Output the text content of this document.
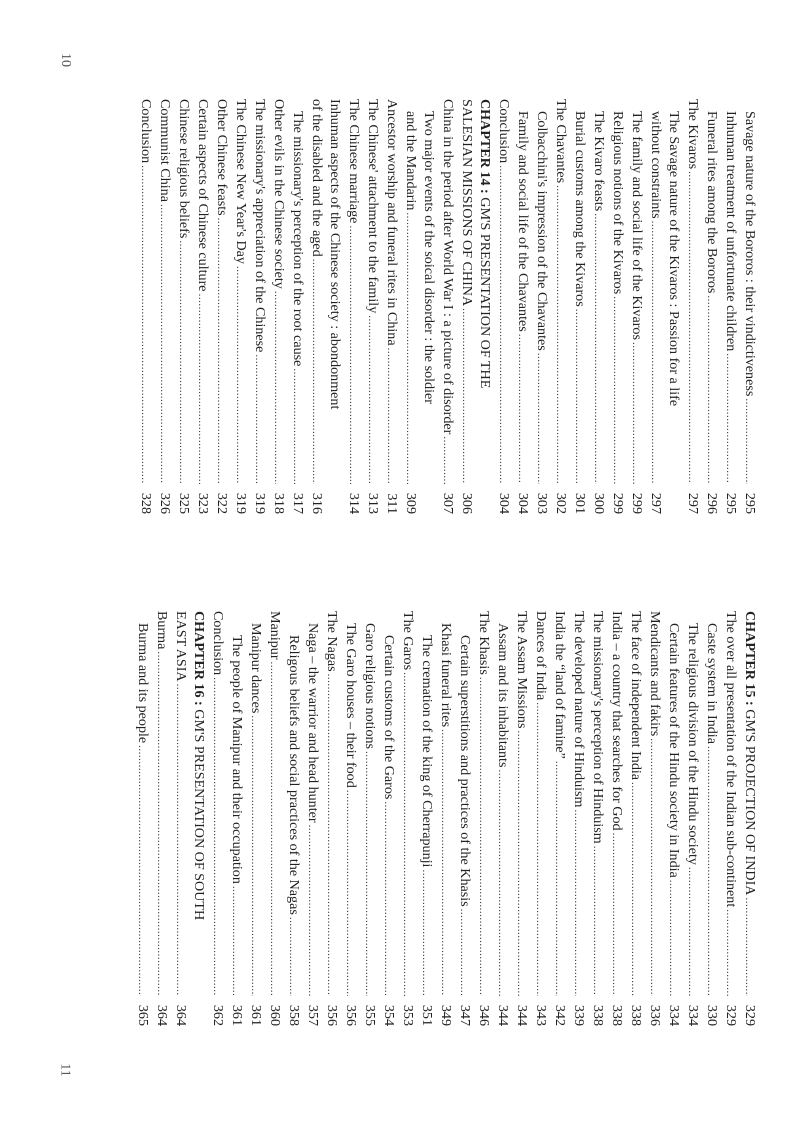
10
11
Savage nature of the Bororos : their vindictiveness
.....
295
Inhuman treatment of unfortunate children
.....
295
Funeral rites among the Bororos
.....
296
The Kivaros
.....
297
The Savage nature of the Kivaros : Passion for a life
without constraints
.....
297
The family and social life of the Kivaros
.....
299
Religious notions of the Kivaros
.....
299
The Kivaro feasts
.....
300
Burial customs among the Kivaros
.....
301
The Chavantes
.....
302
Colbacchini's impression of the Chavantes
.....
303
Family and social life of the Chavantes
.....
304
Conclusion
.....
304
CHAPTER 14 : GM'S PRESENTATION OF THE
SALESIAN MISSIONS OF CHINA
.....
306
China in the period after World War I : a picture of disorder
.....
307
Two major events of the soical disorder : the soldier
and the Mandarin
.....
309
Ancestor worship and funeral rites in China
.....
311
The Chinese' attachment to the family
.....
313
The Chinese marriage
.....
314
Inhuman aspects of the Chinese society : abondonment
of the disabled and the aged
.....
316
The missionary's perception of the root cause
.....
317
Other evils in the Chinese society
.....
318
The missionary's appreciation of the Chinese
.....
319
The Chinese New Year's Day
.....
319
Other Chinese feasts
.....
322
Certain aspects of Chinese culture
.....
323
Chinese religious beliefs
.....
325
Communist China
.....
326
Conclusion
.....
328
CHAPTER 15 : GM'S PROJECTION OF INDIA
.....
329
The over all presentation of the Indian sub-continent
.....
329
Caste system in India
.....
330
The religious division of the Hindu society
.....
334
Certain features of the Hindu society in India
.....
334
Mendicants and fakirs
.....
336
The face of independent India
.....
338
India – a country that searches for God
.....
338
The missionary's perception of Hinduism
.....
338
The developed nature of Hinduism
.....
339
India the “land of famine”
.....
342
Dances of India
.....
343
The Assam Missions
.....
344
Assam and its inhabitants
.....
344
The Khasis
.....
346
Certain superstitions and practices of the Khasis
.....
347
Khasi funeral rites
.....
349
The cremation of the king of Cherrapunji
.....
351
The Garos
.....
353
Certain customs of the Garos
.....
354
Garo religious notions
.....
355
The Garo houses – their food
.....
356
The Nagas
.....
356
Naga – the warrior and head hunter
.....
357
Religous beliefs and social practices of the Nagas
.....
358
Manipur
.....
360
Manipur dances
.....
361
The people of Manipur and their occupation
.....
361
Conclusion
.....
362
CHAPTER 16 : GM'S PRESENTATION OF SOUTH
EAST ASIA
.....
364
Burma
.....
364
Burma and its people
.....
365
